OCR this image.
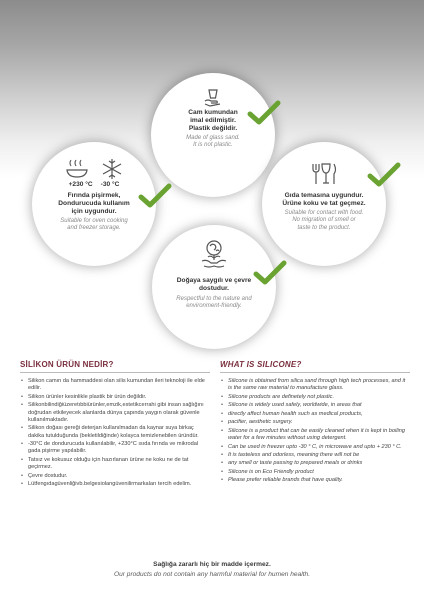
Cam kumundan
imal edilmiştir.
Plastik değildir.
Made of glass sand.
It is not plastic.
+230 °C -30 °C
Fırında pişirmek,
Dondurucuda kullanım
için uygundur.
Suitable for oven cooking
and freezer storage.
Gıda temasına uygundur.
Ürüne koku ve tat geçmez.
Suitable for contact with food.
No migration of smell or
taste to the product.
Doğaya saygılı ve çevre
dostudur.
Respectful to the nature and
environment-friendly.
SİLİKON ÜRÜN NEDİR?
• Silikon camın da hammaddesi olan silis kumundan ileri teknoloji ile elde edilir.
• Silikon ürünler kesinlikle plastik bir ürün değildir.
• Silikonbilindiğiüzeretıbbiürünler,emzik,estetikcerrahi gibi insan sağlığını doğrudan etkileyecek alanlarda dünya çapında yaygın olarak güvenle kullanılmaktadır.
• Silikon doğası gereği deterjan kullanılmadan da kaynar suya birkaç dakika tutulduğunda (bekletildiğinde) kolayca temizlenebilen üründür.
• -30°C de dondurucuda kullanılabilir, +230°C ısıda fırında ve mikrodal gada pişirme yapılabilir.
• Tatsız ve kokusuz olduğu için hazırlanan ürüne ne koku ne de tat geçirmez.
• Çevre dostudur.
• Lütfengıdagüvenliğivb.belgesiolangüvenilirmarkaları tercih edelim.
WHAT IS SILICONE?
• Silicone is obtained from silica sand through high tech processes, and it is the same raw material to manufacture glass.
• Silicone products are definetely not plastic.
• Silicone is widely used safely, worldwide, in areas that
• directly affect human health such as medical products,
• pacifier, aesthetic surgery.
• Silicone is a product that can be easily cleaned when it is kept in boiling water for a few minutes without using detergent.
• Can be used in freezer upto -30 ° C, in microwave and upto + 230 ° C.
• It is tasteless and odorless, meaning there will not be
• any smell or taste passing to prepared meals or drinks
• Silicone is on Eco Friendly product
• Please prefer reliable brands that have quality.
Sağlığa zararlı hiç bir madde içermez.
Our products do not contain any harmful material for humen health.
